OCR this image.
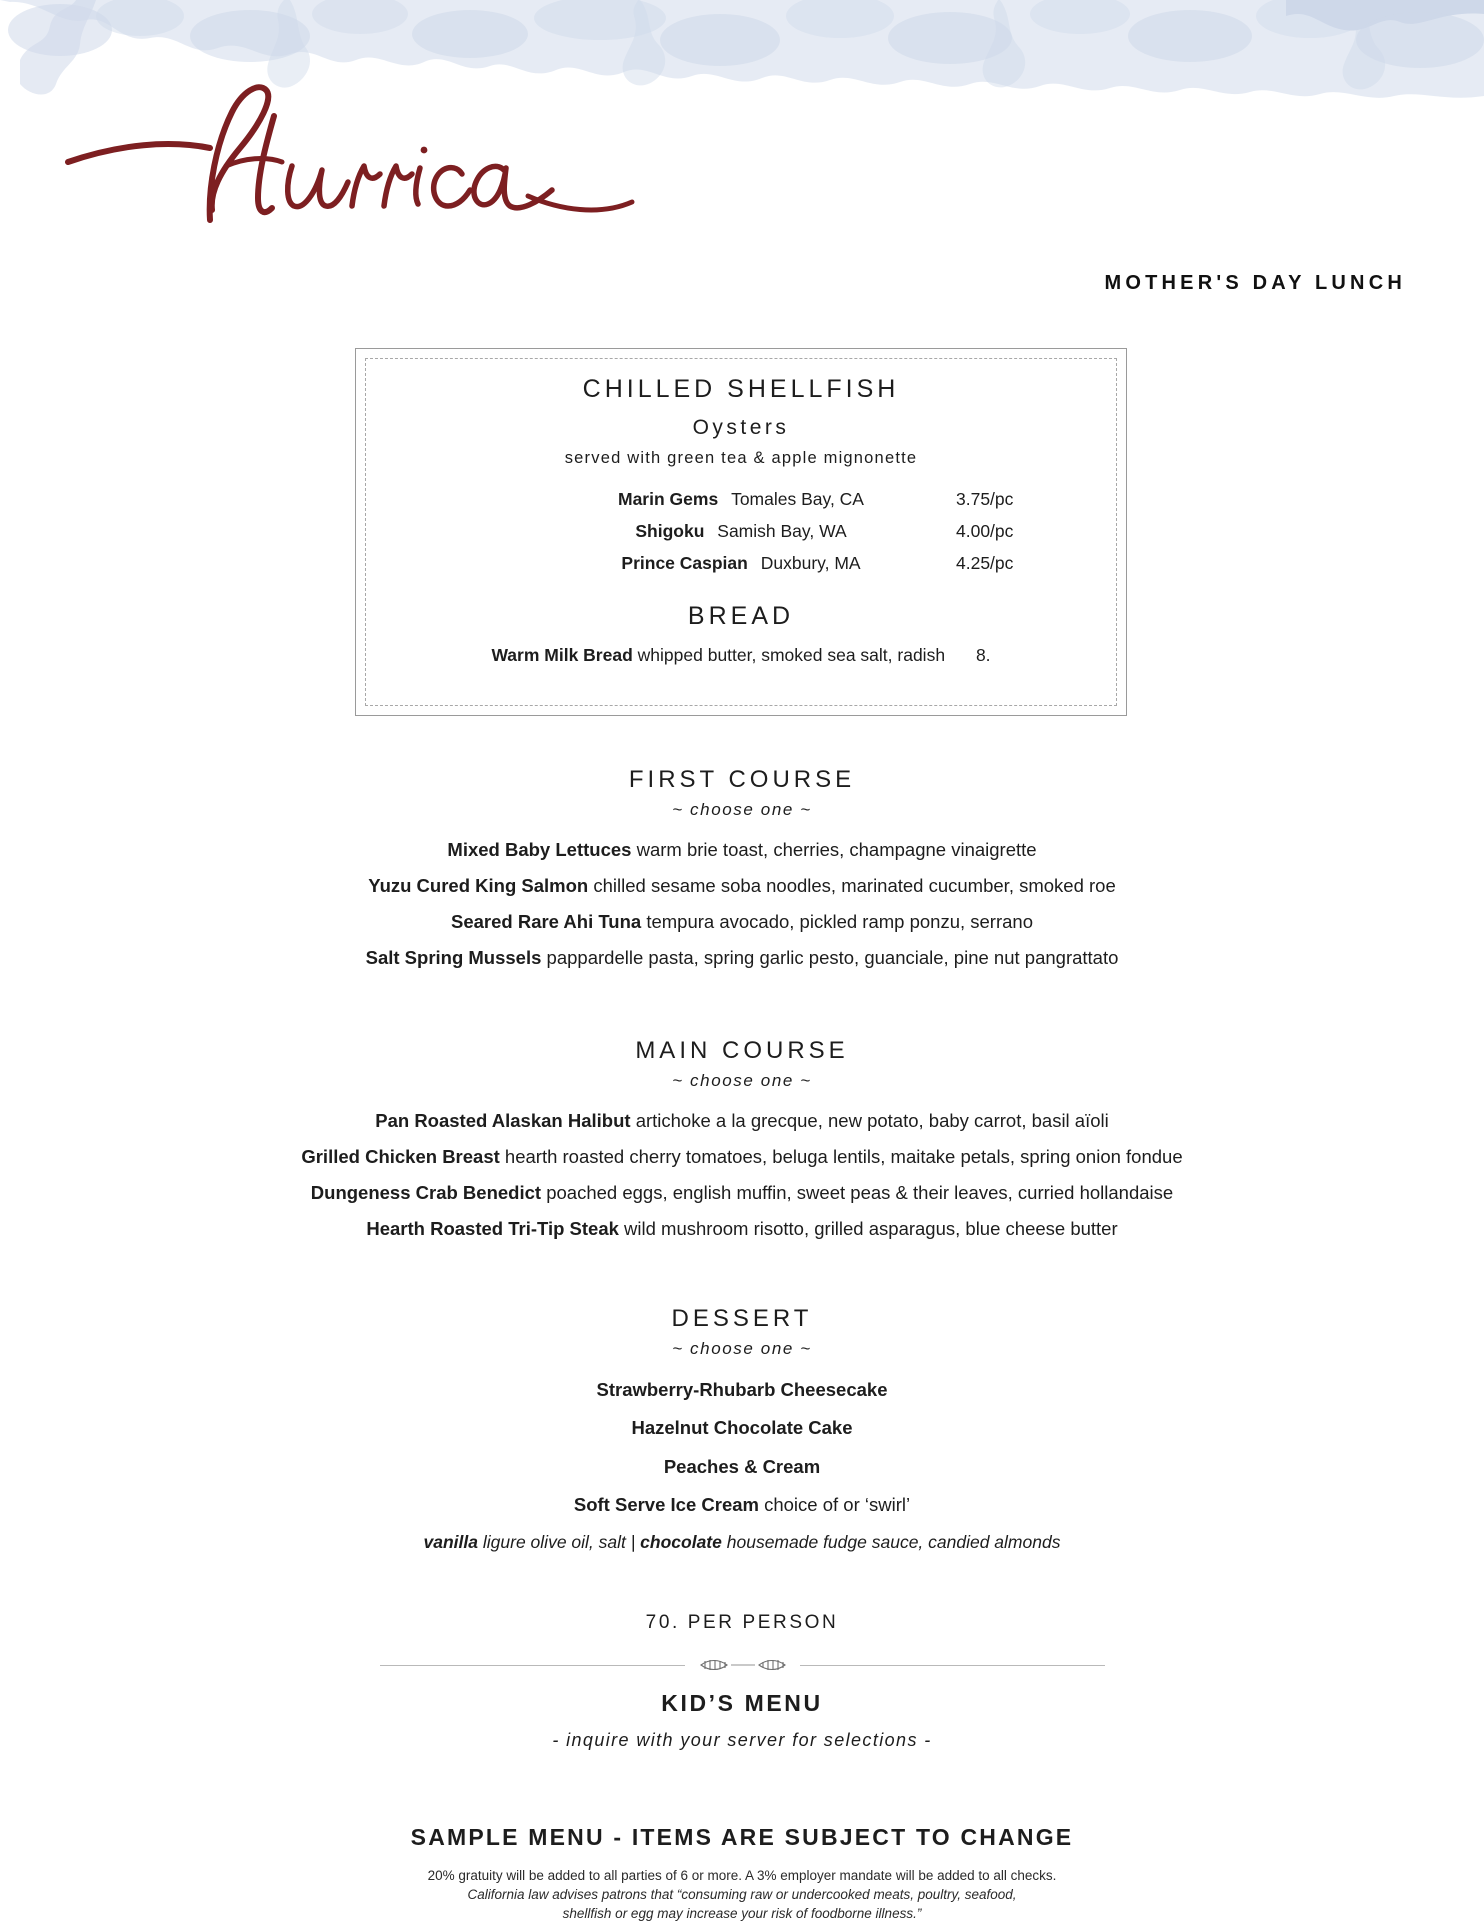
MOTHER'S DAY LUNCH
CHILLED SHELLFISH
Oysters
served with green tea & apple mignonette
Marin Gems Tomales Bay, CA	3.75/pc
Shigoku Samish Bay, WA	4.00/pc
Prince Caspian Duxbury, MA	4.25/pc
BREAD
Warm Milk Bread whipped butter, smoked sea salt, radish 8.
FIRST COURSE
~ choose one ~
Mixed Baby Lettuces warm brie toast, cherries, champagne vinaigrette
Yuzu Cured King Salmon chilled sesame soba noodles, marinated cucumber, smoked roe
Seared Rare Ahi Tuna tempura avocado, pickled ramp ponzu, serrano
Salt Spring Mussels pappardelle pasta, spring garlic pesto, guanciale, pine nut pangrattato
MAIN COURSE
~ choose one ~
Pan Roasted Alaskan Halibut artichoke a la grecque, new potato, baby carrot, basil aïoli
Grilled Chicken Breast hearth roasted cherry tomatoes, beluga lentils, maitake petals, spring onion fondue
Dungeness Crab Benedict poached eggs, english muffin, sweet peas & their leaves, curried hollandaise
Hearth Roasted Tri-Tip Steak wild mushroom risotto, grilled asparagus, blue cheese butter
DESSERT
~ choose one ~
Strawberry-Rhubarb Cheesecake
Hazelnut Chocolate Cake
Peaches & Cream
Soft Serve Ice Cream choice of or ‘swirl’
vanilla ligure olive oil, salt | chocolate housemade fudge sauce, candied almonds
70. PER PERSON
KID’S MENU
- inquire with your server for selections -
SAMPLE MENU - ITEMS ARE SUBJECT TO CHANGE
20% gratuity will be added to all parties of 6 or more. A 3% employer mandate will be added to all checks.
California law advises patrons that “consuming raw or undercooked meats, poultry, seafood,
shellfish or egg may increase your risk of foodborne illness.”
